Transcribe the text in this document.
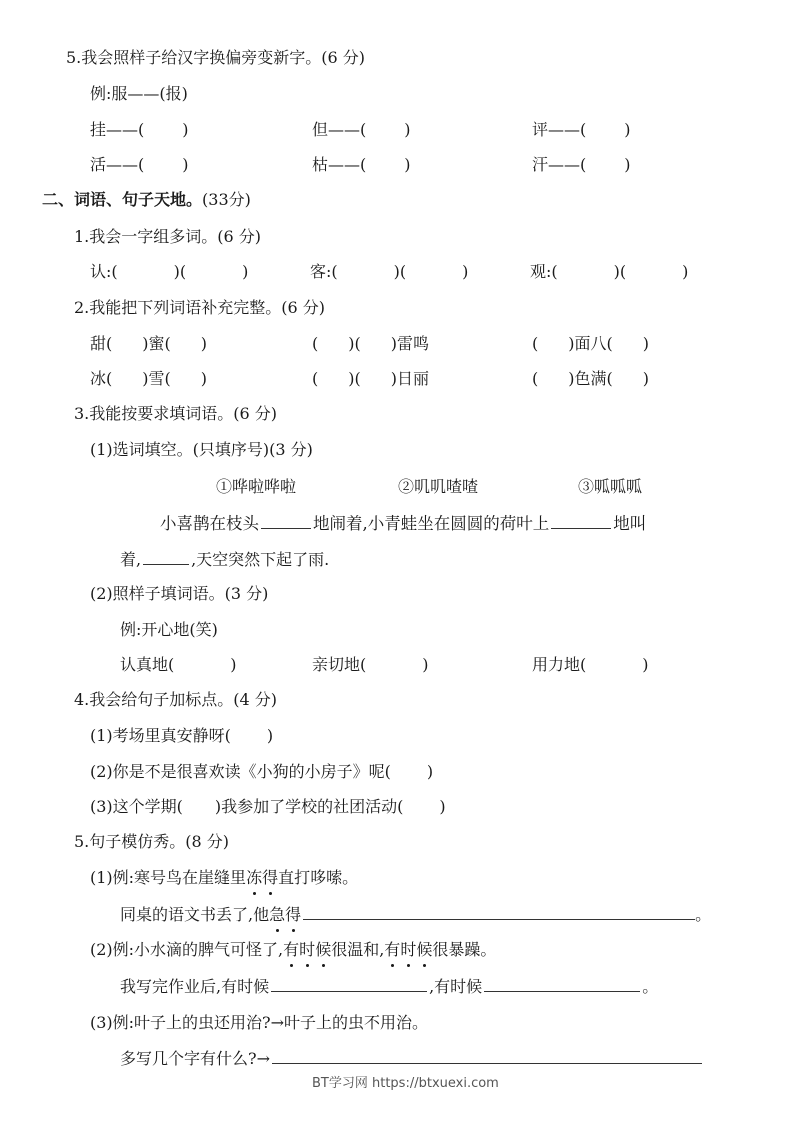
5.我会照样子给汉字换偏旁变新字。(6 分)
例:服——(报)
挂——( )	但——( )	评——( )
活——( )	枯——( )	汗——( )
二、词语、句子天地。(33分)
1.我会一字组多词。(6 分)
认:(	)(	)	客:(	)(	)	观:(	)(	)
2.我能把下列词语补充完整。(6 分)
甜( )蜜( )	( )( )雷鸣	( )面八( )
冰( )雪( )	( )( )日丽	( )色满( )
3.我能按要求填词语。(6 分)
(1)选词填空。(只填序号)(3 分)
①哗啦哗啦	②叽叽喳喳	③呱呱呱
小喜鹊在枝头	地闹着,小青蛙坐在圆圆的荷叶上	地叫
着,	,天空突然下起了雨.
(2)照样子填词语。(3 分)
例:开心地(笑)
认真地(	)	亲切地(	)	用力地(	)
4.我会给句子加标点。(4 分)
(1)考场里真安静呀( )
(2)你是不是很喜欢读《小狗的小房子》呢( )
(3)这个学期( )我参加了学校的社团活动( )
5.句子模仿秀。(8 分)
(1)例:寒号鸟在崖缝里冻得直打哆嗦。
同桌的语文书丢了,他急得	。
(2)例:小水滴的脾气可怪了,有时候很温和,有时候很暴躁。
我写完作业后,有时候	,有时候	。
(3)例:叶子上的虫还用治?→叶子上的虫不用治。
多写几个字有什么?→
BT学习网 https://btxuexi.com
